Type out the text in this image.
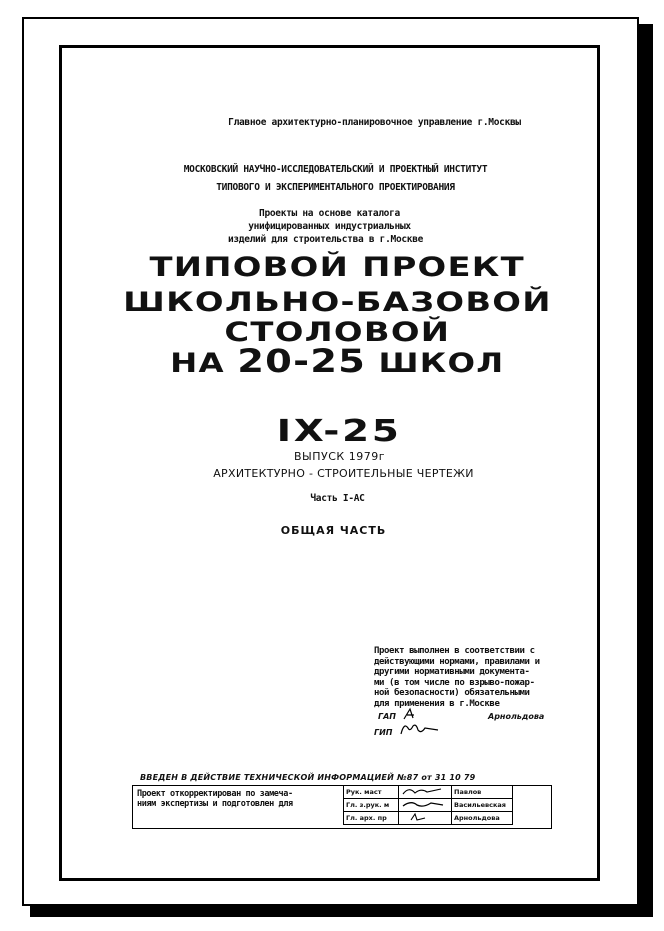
Главное архитектурно-планировочное управление г.Москвы
МОСКОВСКИЙ НАУЧНО-ИССЛЕДОВАТЕЛЬСКИЙ И ПРОЕКТНЫЙ ИНСТИТУТ
ТИПОВОГО И ЭКСПЕРИМЕНТАЛЬНОГО ПРОЕКТИРОВАНИЯ
Проекты на основе каталога
унифицированных индустриальных
изделий для строительства в г.Москве
ТИПОВОЙ ПРОЕКТ
ШКОЛЬНО-БАЗОВОЙ
СТОЛОВОЙ
НА 20-25 ШКОЛ
IX-25
ВЫПУСК 1979г
АРХИТЕКТУРНО - СТРОИТЕЛЬНЫЕ ЧЕРТЕЖИ
Часть I-АС
ОБЩАЯ ЧАСТЬ
Проект выполнен в соответствии с
действующими нормами, правилами и
другими нормативными документа-
ми (в том числе по взрыво-пожар-
ной безопасности) обязательными
для применения в г.Москве
ГАП	Арнольдова
ГИП
ВВЕДЕН В ДЕЙСТВИЕ ТЕХНИЧЕСКОЙ ИНФОРМАЦИЕЙ №87 от 31 10 79
Проект откорректирован по замеча-
ниям экспертизы и подготовлен для
Рук. маст		Павлов
Гл. з.рук. м		Васильевская
Гл. арх. пр		Арнольдова
